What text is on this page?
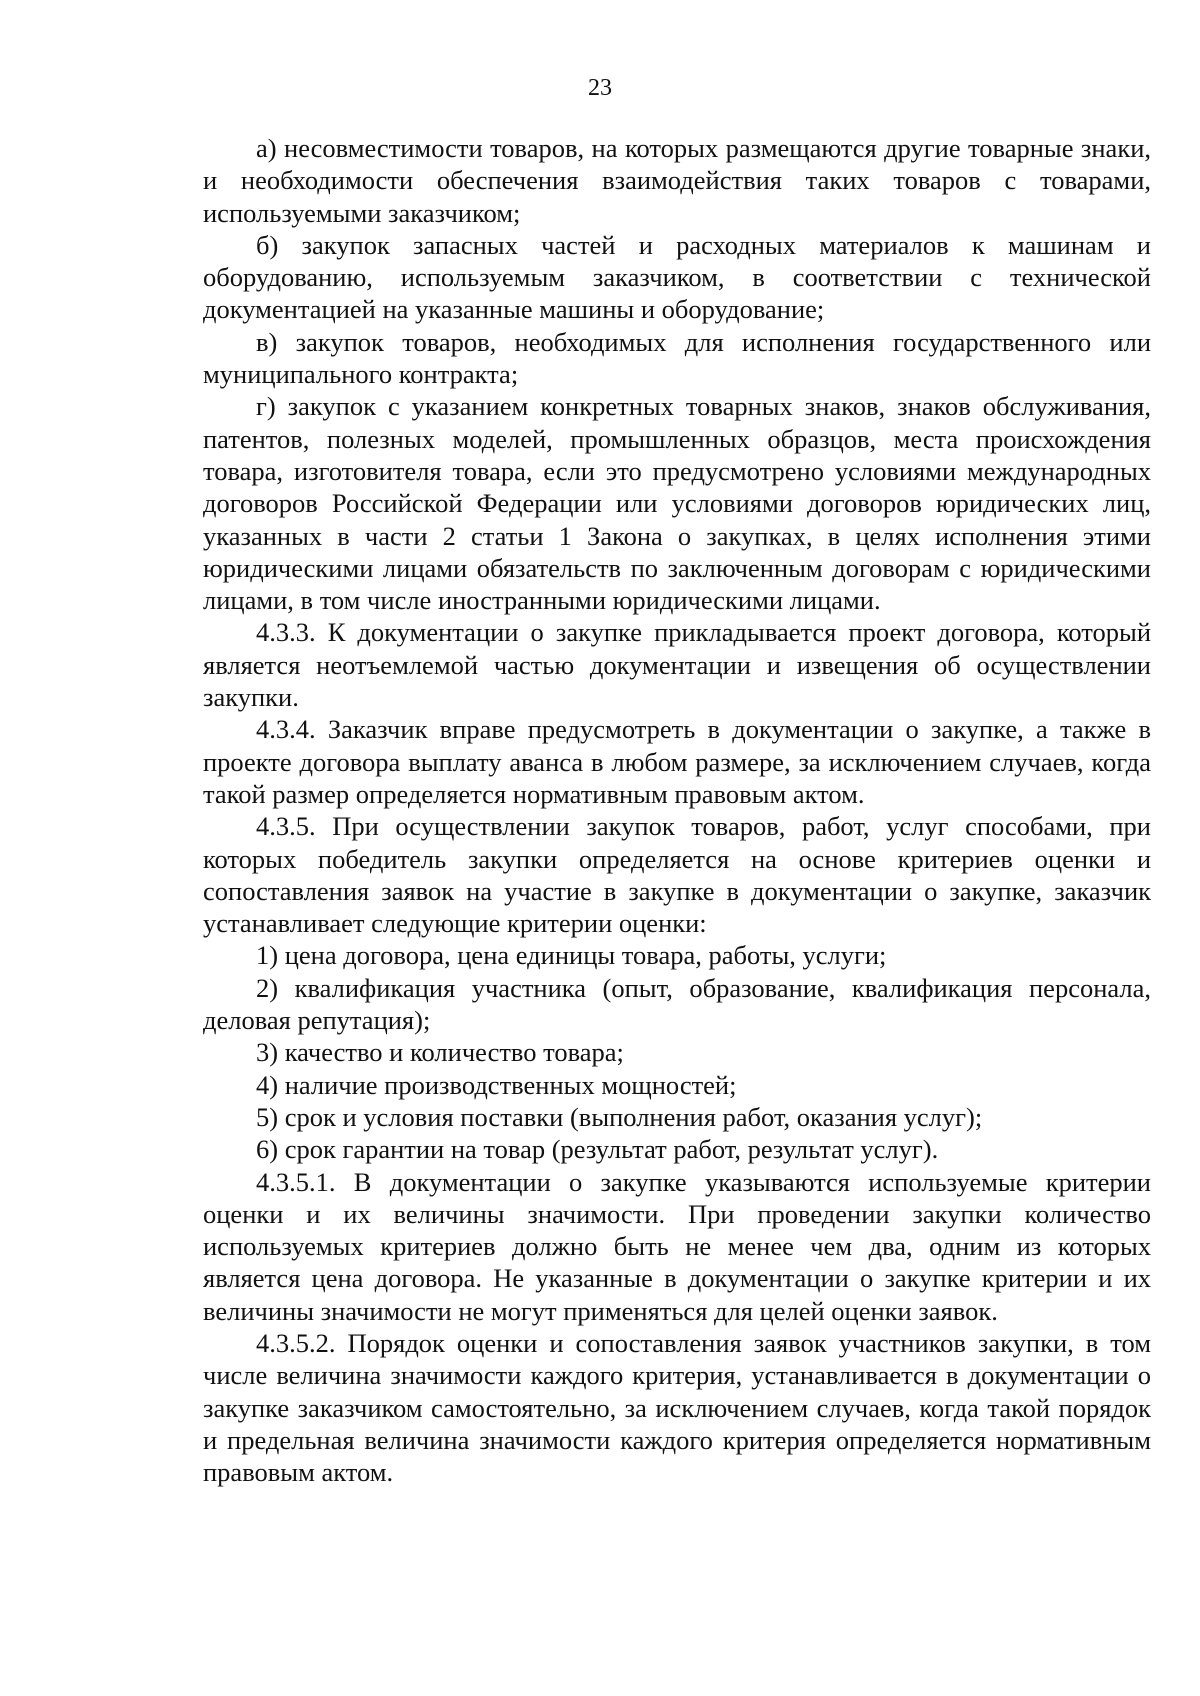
23

а) несовместимости товаров, на которых размещаются другие товарные знаки, и необходимости обеспечения взаимодействия таких товаров с товарами, используемыми заказчиком;

б) закупок запасных частей и расходных материалов к машинам и оборудованию, используемым заказчиком, в соответствии с технической документацией на указанные машины и оборудование;

в) закупок товаров, необходимых для исполнения государственного или муниципального контракта;

г) закупок с указанием конкретных товарных знаков, знаков обслуживания, патентов, полезных моделей, промышленных образцов, места происхождения товара, изготовителя товара, если это предусмотрено условиями международных договоров Российской Федерации или условиями договоров юридических лиц, указанных в части 2 статьи 1 Закона о закупках, в целях исполнения этими юридическими лицами обязательств по заключенным договорам с юридическими лицами, в том числе иностранными юридическими лицами.

4.3.3. К документации о закупке прикладывается проект договора, который является неотъемлемой частью документации и извещения об осуществлении закупки.

4.3.4. Заказчик вправе предусмотреть в документации о закупке, а также в проекте договора выплату аванса в любом размере, за исключением случаев, когда такой размер определяется нормативным правовым актом.

4.3.5. При осуществлении закупок товаров, работ, услуг способами, при которых победитель закупки определяется на основе критериев оценки и сопоставления заявок на участие в закупке в документации о закупке, заказчик устанавливает следующие критерии оценки:

1) цена договора, цена единицы товара, работы, услуги;

2) квалификация участника (опыт, образование, квалификация персонала, деловая репутация);

3) качество и количество товара;

4) наличие производственных мощностей;

5) срок и условия поставки (выполнения работ, оказания услуг);

6) срок гарантии на товар (результат работ, результат услуг).

4.3.5.1. В документации о закупке указываются используемые критерии оценки и их величины значимости. При проведении закупки количество используемых критериев должно быть не менее чем два, одним из которых является цена договора. Не указанные в документации о закупке критерии и их величины значимости не могут применяться для целей оценки заявок.

4.3.5.2. Порядок оценки и сопоставления заявок участников закупки, в том числе величина значимости каждого критерия, устанавливается в документации о закупке заказчиком самостоятельно, за исключением случаев, когда такой порядок и предельная величина значимости каждого критерия определяется нормативным правовым актом.
